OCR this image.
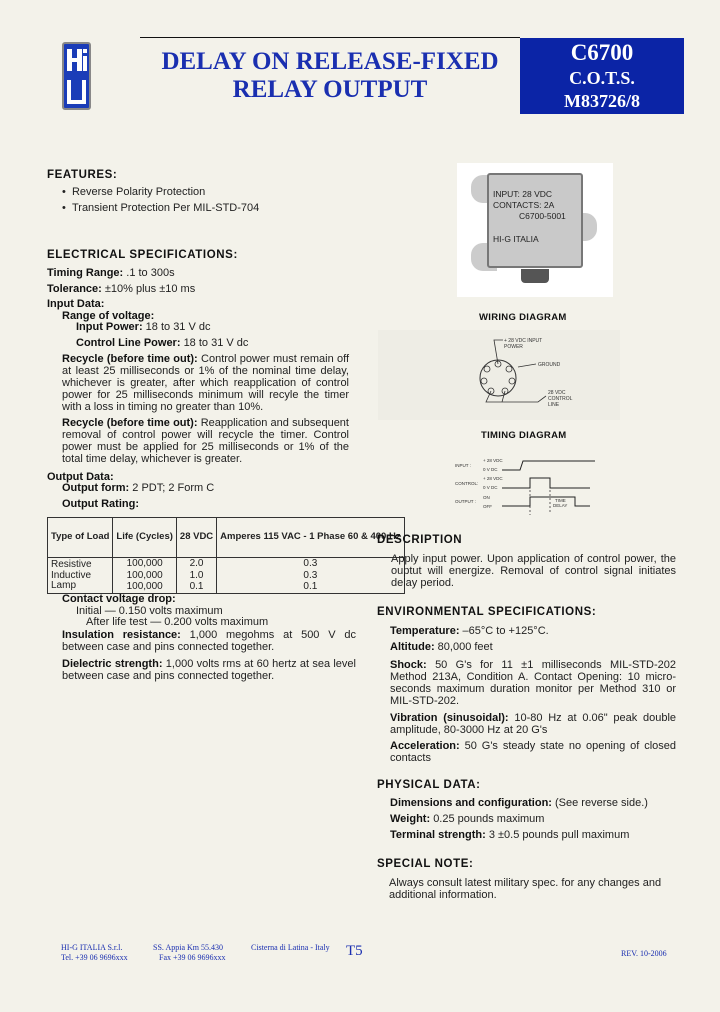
DELAY ON RELEASE-FIXED
RELAY OUTPUT
C6700
C.O.T.S.
M83726/8
FEATURES:
•  Reverse Polarity Protection
•  Transient Protection Per MIL-STD-704
ELECTRICAL SPECIFICATIONS:
Timing Range: .1 to 300s
Tolerance: ±10% plus ±10 ms
Input Data:
Range of voltage:
Input Power: 18 to 31 V dc
Control Line Power: 18 to 31 V dc
Recycle (before time out): Control power must remain off at least 25 milliseconds or 1% of the nominal time delay, whichever is greater, after which reapplication of control power for 25 milliseconds minimum will recyle the timer with a loss in timing no greater than 10%.
Recycle (before time out): Reapplication and subsequent removal of control power will recycle the timer. Control power must be applied for 25 milliseconds or 1% of the total time delay, whichever is greater.
Output Data:
Output form: 2 PDT; 2 Form C
Output Rating:
Type of Load	Life (Cycles)	28 VDC	Amperes 115 VAC - 1 Phase 60 & 400 Hz
Resistive	100,000	2.0	0.3
Inductive	100,000	1.0	0.3
Lamp	100,000	0.1	0.1
Contact voltage drop:
Initial — 0.150 volts maximum
After life test — 0.200 volts maximum
Insulation resistance: 1,000 megohms at 500 V dc between case and pins connected together.
Dielectric strength: 1,000 volts rms at 60 hertz at sea level between case and pins connected together.
INPUT: 28 VDC
CONTACTS: 2A
C6700-5001
HI-G ITALIA
WIRING DIAGRAM
+ 28 VDC INPUT
POWER
GROUND
28 VDC
CONTROL
LINE
TIMING DIAGRAM
INPUT :
CONTROL:
OUTPUT :
+ 28 VDC
0 V DC
+ 28 VDC
0 V DC
ON
OFF
TIME
DELAY
DESCRIPTION
Apply input power. Upon application of control power, the ouptut will energize. Removal of control signal initiates delay period.
ENVIRONMENTAL SPECIFICATIONS:
Temperature: –65°C to +125°C.
Altitude: 80,000 feet
Shock: 50 G's for 11 ±1 milliseconds MIL-STD-202 Method 213A, Condition A. Contact Opening: 10 micro-seconds maximum duration monitor per Method 310 or MIL-STD-202.
Vibration (sinusoidal): 10-80 Hz at 0.06" peak double amplitude, 80-3000 Hz at 20 G's
Acceleration: 50 G's steady state no opening of closed contacts
PHYSICAL DATA:
Dimensions and configuration: (See reverse side.)
Weight: 0.25 pounds maximum
Terminal strength: 3 ±0.5 pounds pull maximum
SPECIAL NOTE:
Always consult latest military spec. for any changes and additional information.
HI-G ITALIA S.r.l.
Tel. +39 06 9696xxx
SS. Appia Km 55.430
Fax +39 06 9696xxx
Cisterna di Latina - Italy T5	REV. 10-2006
